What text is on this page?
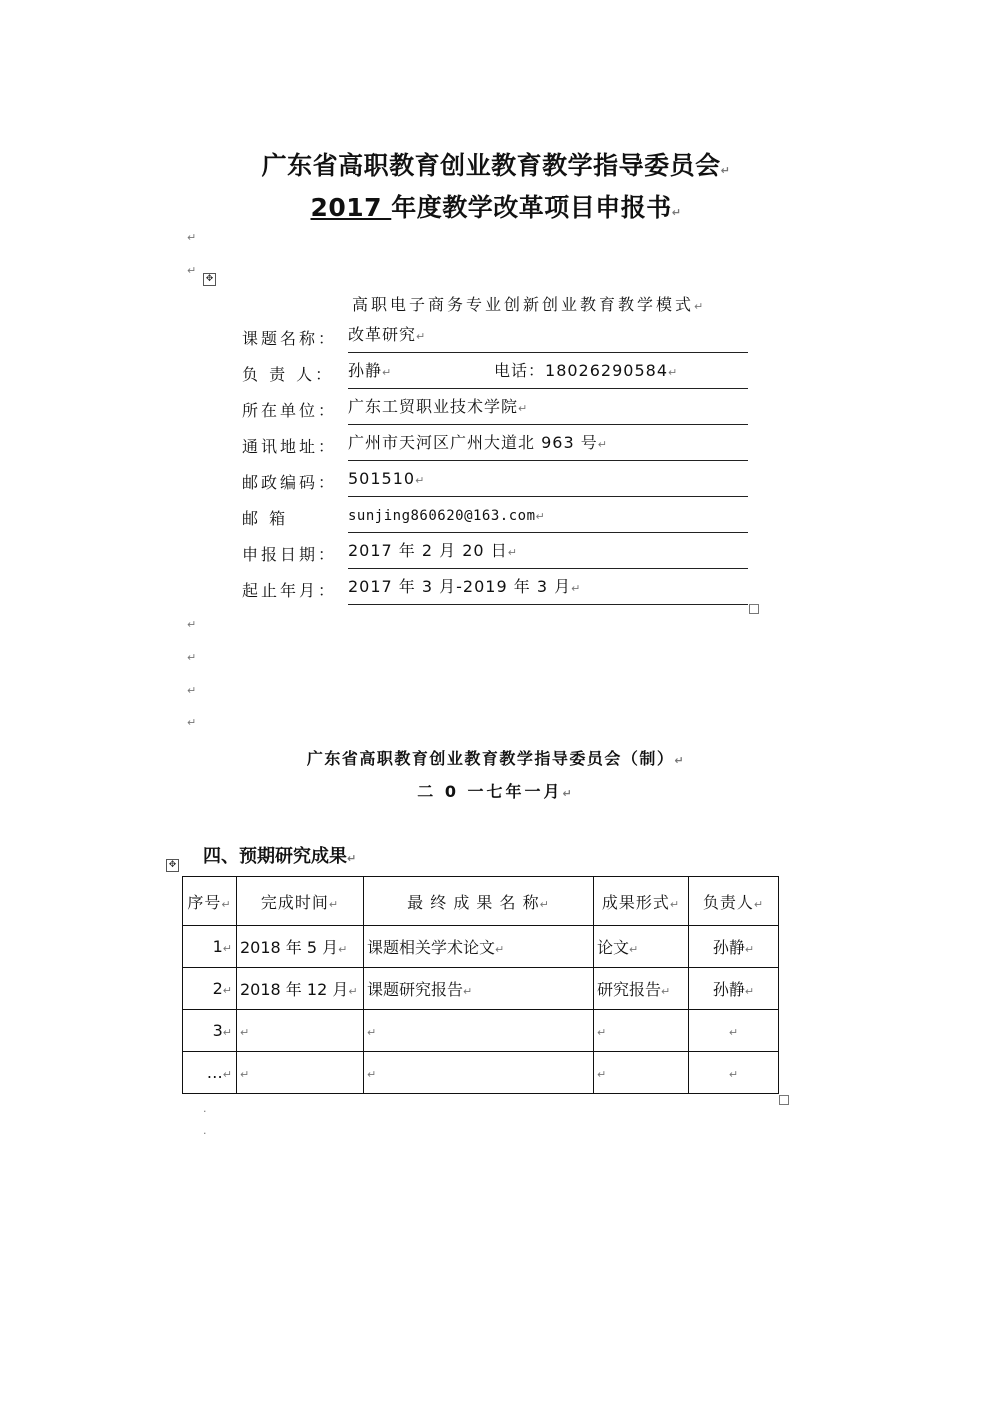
广东省高职教育创业教育教学指导委员会↵
2017 年度教学改革项目申报书↵
↵
↵
✥
高职电子商务专业创新创业教育教学模式↵
课题名称： 改革研究↵
负 责 人： 孙静↵	电话：18026290584↵
所在单位： 广东工贸职业技术学院↵
通讯地址： 广州市天河区广州大道北 963 号↵
邮政编码： 501510↵
邮 箱	sunjing860620@163.com↵
申报日期： 2017 年 2 月 20 日↵
起止年月： 2017 年 3 月-2019 年 3 月↵
↵
↵
↵
↵
广东省高职教育创业教育教学指导委员会（制）↵
二 0 一七年一月↵
四、预期研究成果↵
✥
序号↵	完成时间↵	最 终 成 果 名 称↵	成果形式↵	负责人↵
1↵	2018 年 5 月↵	课题相关学术论文↵	论文↵	孙静↵
2↵	2018 年 12 月↵	课题研究报告↵	研究报告↵	孙静↵
3↵	↵	↵	↵	↵
…↵	↵	↵	↵	↵
.
.
